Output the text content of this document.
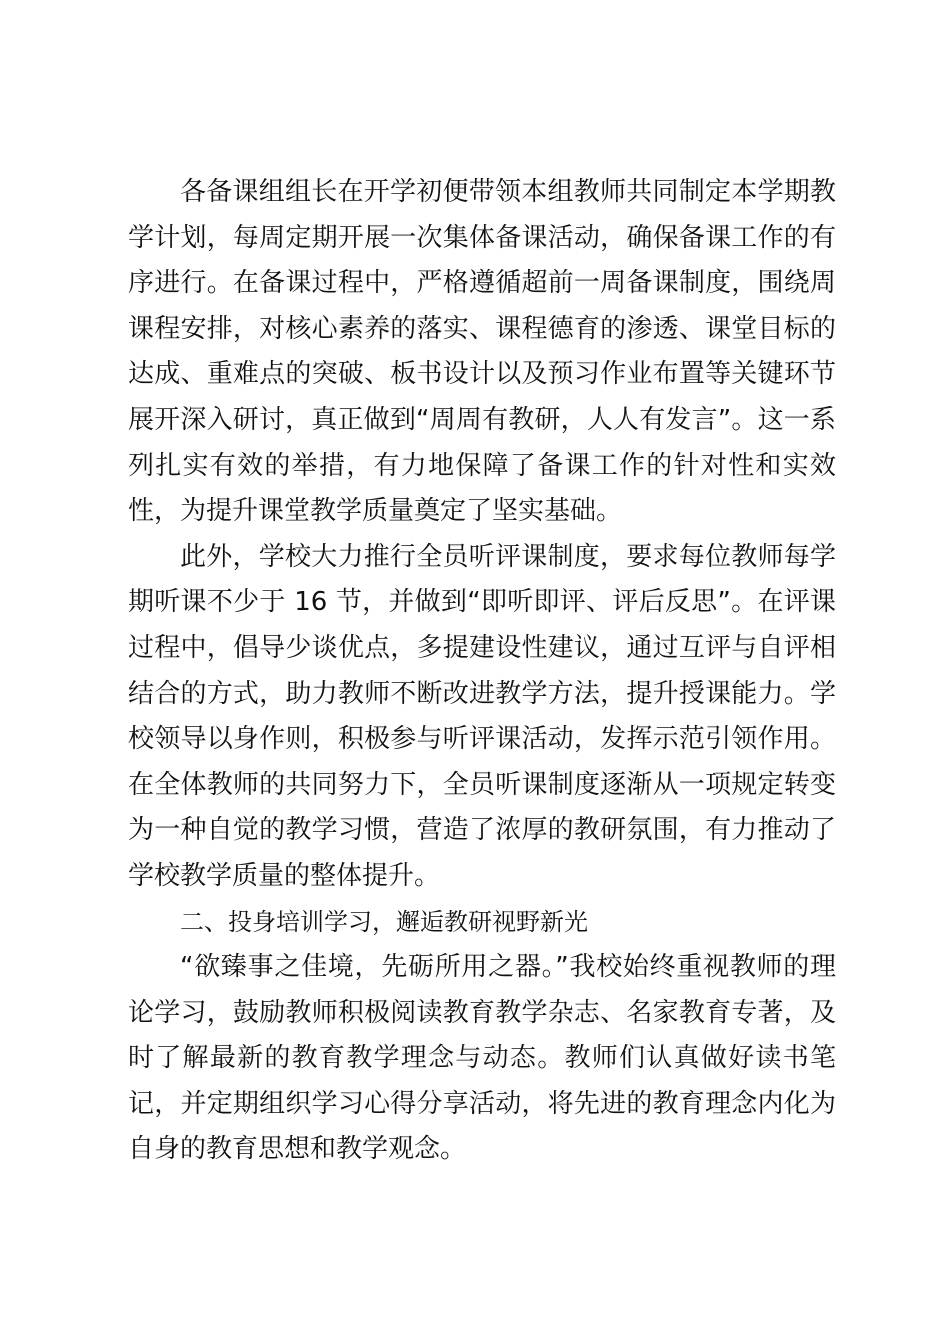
各备课组组长在开学初便带领本组教师共同制定本学期教学计划，每周定期开展一次集体备课活动，确保备课工作的有序进行。在备课过程中，严格遵循超前一周备课制度，围绕周课程安排，对核心素养的落实、课程德育的渗透、课堂目标的达成、重难点的突破、板书设计以及预习作业布置等关键环节展开深入研讨，真正做到“周周有教研，人人有发言”。这一系列扎实有效的举措，有力地保障了备课工作的针对性和实效性，为提升课堂教学质量奠定了坚实基础。

此外，学校大力推行全员听评课制度，要求每位教师每学期听课不少于 16 节，并做到“即听即评、评后反思”。在评课过程中，倡导少谈优点，多提建设性建议，通过互评与自评相结合的方式，助力教师不断改进教学方法，提升授课能力。学校领导以身作则，积极参与听评课活动，发挥示范引领作用。在全体教师的共同努力下，全员听课制度逐渐从一项规定转变为一种自觉的教学习惯，营造了浓厚的教研氛围，有力推动了学校教学质量的整体提升。

二、投身培训学习，邂逅教研视野新光

“欲臻事之佳境，先砺所用之器。”我校始终重视教师的理论学习，鼓励教师积极阅读教育教学杂志、名家教育专著，及时了解最新的教育教学理念与动态。教师们认真做好读书笔记，并定期组织学习心得分享活动，将先进的教育理念内化为自身的教育思想和教学观念。
